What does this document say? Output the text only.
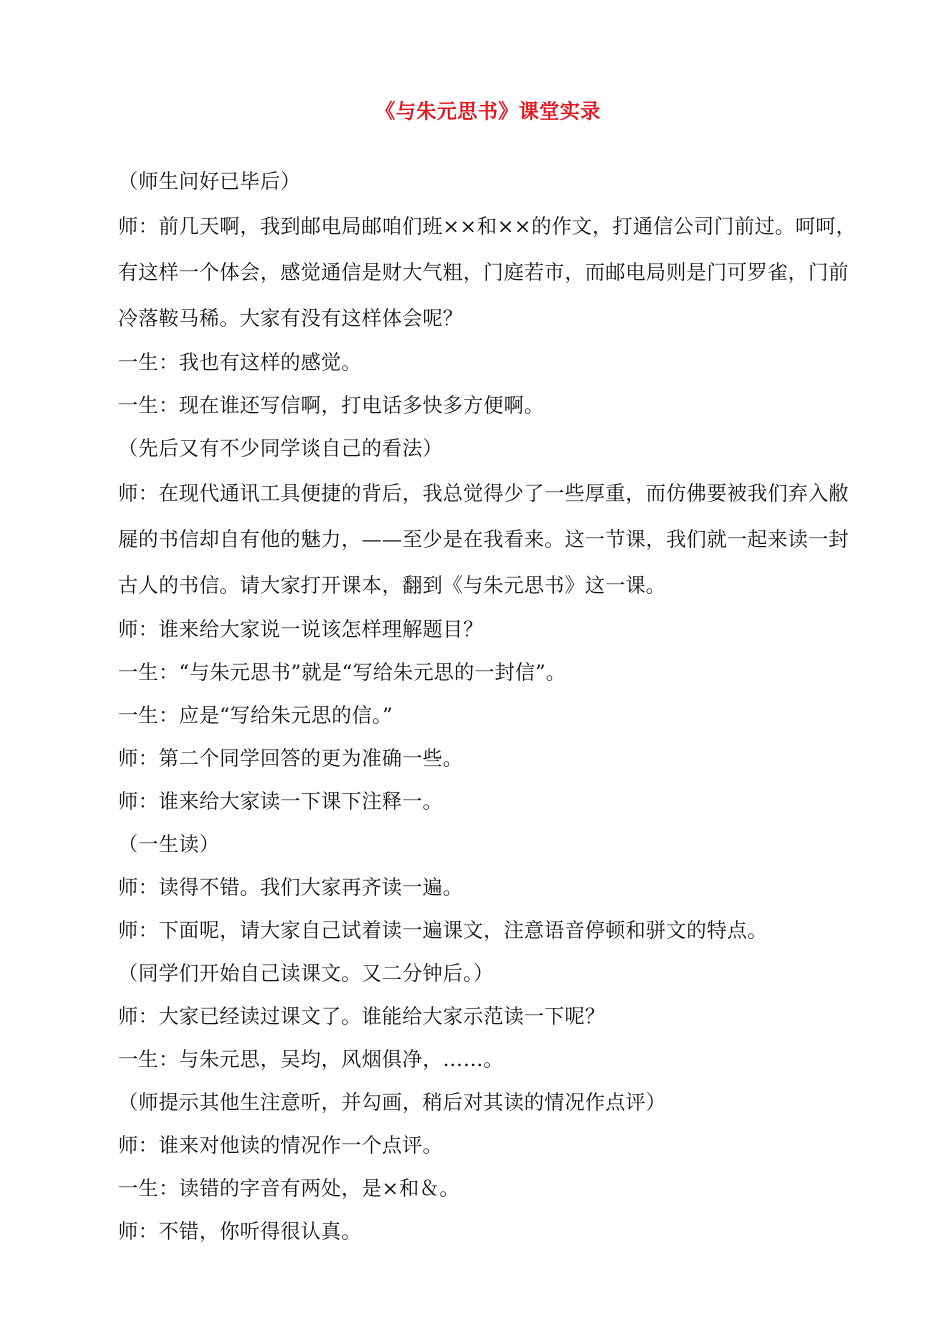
《与朱元思书》课堂实录

（师生问好已毕后）

师：前几天啊，我到邮电局邮咱们班××和××的作文，打通信公司门前过。呵呵，有这样一个体会，感觉通信是财大气粗，门庭若市，而邮电局则是门可罗雀，门前冷落鞍马稀。大家有没有这样体会呢？

一生：我也有这样的感觉。

一生：现在谁还写信啊，打电话多快多方便啊。

（先后又有不少同学谈自己的看法）

师：在现代通讯工具便捷的背后，我总觉得少了一些厚重，而仿佛要被我们弃入敝屣的书信却自有他的魅力，——至少是在我看来。这一节课，我们就一起来读一封古人的书信。请大家打开课本，翻到《与朱元思书》这一课。

师：谁来给大家说一说该怎样理解题目？

一生：“与朱元思书”就是“写给朱元思的一封信”。

一生：应是“写给朱元思的信。”

师：第二个同学回答的更为准确一些。

师：谁来给大家读一下课下注释一。

（一生读）

师：读得不错。我们大家再齐读一遍。

师：下面呢，请大家自己试着读一遍课文，注意语音停顿和骈文的特点。

（同学们开始自己读课文。又二分钟后。）

师：大家已经读过课文了。谁能给大家示范读一下呢？

一生：与朱元思，吴均，风烟俱净，……。

（师提示其他生注意听，并勾画，稍后对其读的情况作点评）

师：谁来对他读的情况作一个点评。

一生：读错的字音有两处，是×和＆。

师：不错，你听得很认真。
